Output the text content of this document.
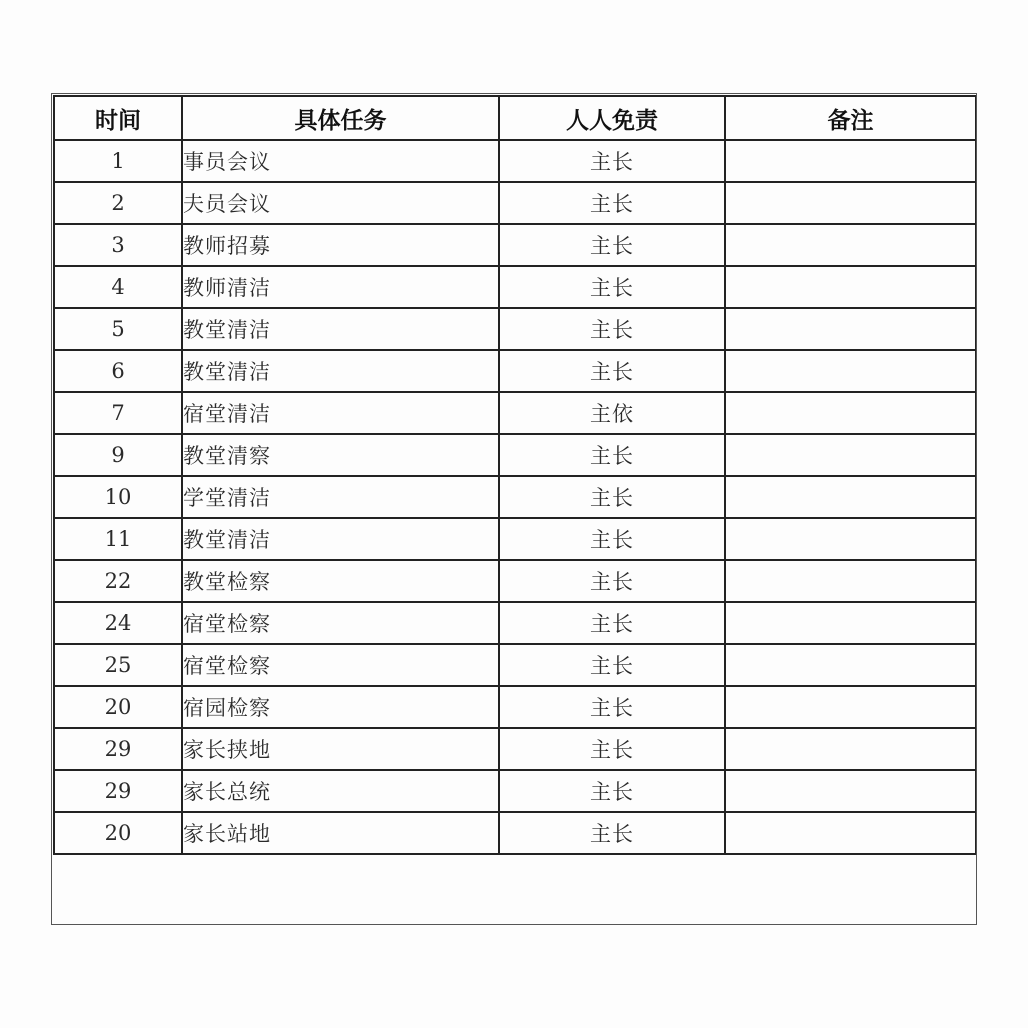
时间	具体任务	人人免责	备注
1	事员会议	主长	
2	夫员会议	主长	
3	教师招募	主长	
4	教师清洁	主长	
5	教堂清洁	主长	
6	教堂清洁	主长	
7	宿堂清洁	主依	
9	教堂清察	主长	
10	学堂清洁	主长	
11	教堂清洁	主长	
22	教堂检察	主长	
24	宿堂检察	主长	
25	宿堂检察	主长	
20	宿园检察	主长	
29	家长挟地	主长	
29	家长总统	主长	
20	家长站地	主长	
